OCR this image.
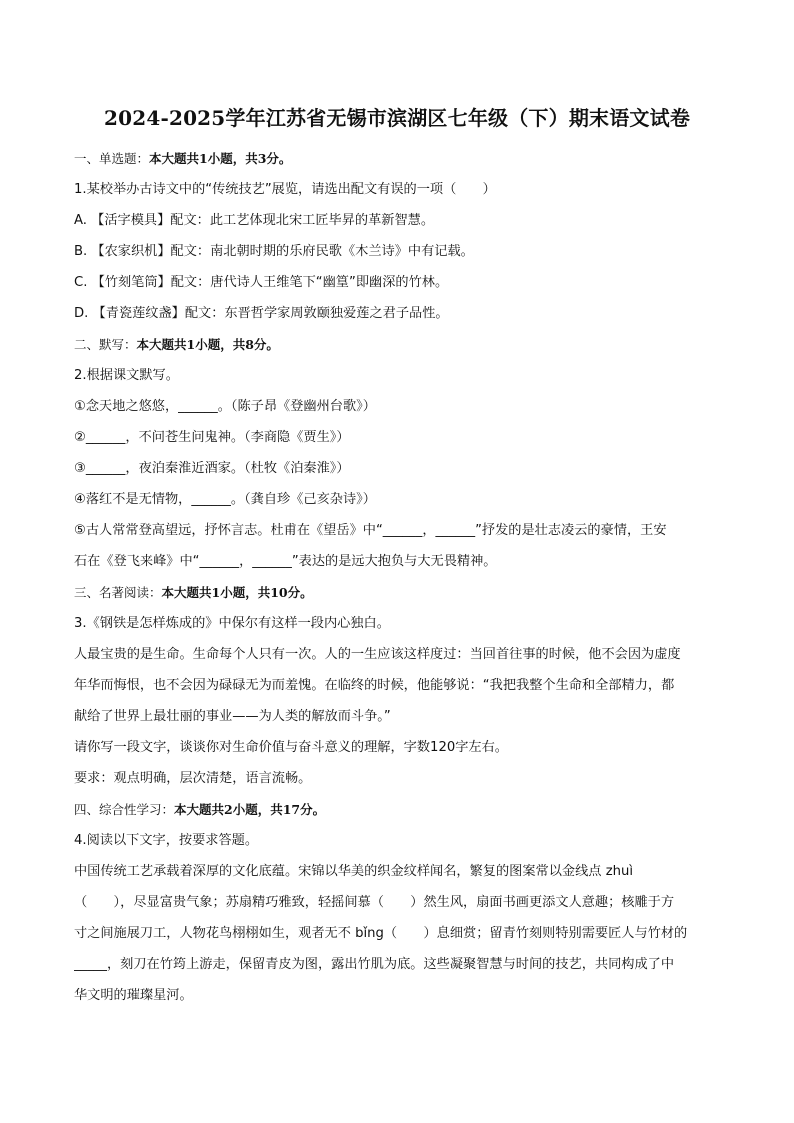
2024-2025学年江苏省无锡市滨湖区七年级（下）期末语文试卷
一、单选题：本大题共1小题，共3分。
1.某校举办古诗文中的“传统技艺”展览，请选出配文有误的一项（　　）
A. 【活字模具】配文：此工艺体现北宋工匠毕昇的革新智慧。
B. 【农家织机】配文：南北朝时期的乐府民歌《木兰诗》中有记载。
C. 【竹刻笔筒】配文：唐代诗人王维笔下“幽篁”即幽深的竹林。
D. 【青瓷莲纹盏】配文：东晋哲学家周敦颐独爱莲之君子品性。
二、默写：本大题共1小题，共8分。
2.根据课文默写。
①念天地之悠悠，______。（陈子昂《登幽州台歌》）
②______，不问苍生问鬼神。（李商隐《贾生》）
③______，夜泊秦淮近酒家。（杜牧《泊秦淮》）
④落红不是无情物，______。（龚自珍《己亥杂诗》）
⑤古人常常登高望远，抒怀言志。杜甫在《望岳》中“______，______”抒发的是壮志凌云的豪情，王安
石在《登飞来峰》中“______，______”表达的是远大抱负与大无畏精神。
三、名著阅读：本大题共1小题，共10分。
3.《钢铁是怎样炼成的》中保尔有这样一段内心独白。
人最宝贵的是生命。生命每个人只有一次。人的一生应该这样度过：当回首往事的时候，他不会因为虚度
年华而悔恨，也不会因为碌碌无为而羞愧。在临终的时候，他能够说：“我把我整个生命和全部精力，都
献给了世界上最壮丽的事业——为人类的解放而斗争。”
请你写一段文字，谈谈你对生命价值与奋斗意义的理解，字数120字左右。
要求：观点明确，层次清楚，语言流畅。
四、综合性学习：本大题共2小题，共17分。
4.阅读以下文字，按要求答题。
中国传统工艺承载着深厚的文化底蕴。宋锦以华美的织金纹样闻名，繁复的图案常以金线点 zhuì
（　　），尽显富贵气象；苏扇精巧雅致，轻摇间慕（　　）然生风，扇面书画更添文人意趣；核雕于方
寸之间施展刀工，人物花鸟栩栩如生，观者无不 bǐng（　　）息细赏；留青竹刻则特别需要匠人与竹材的
_____，刻刀在竹筠上游走，保留青皮为图，露出竹肌为底。这些凝聚智慧与时间的技艺，共同构成了中
华文明的璀璨星河。
